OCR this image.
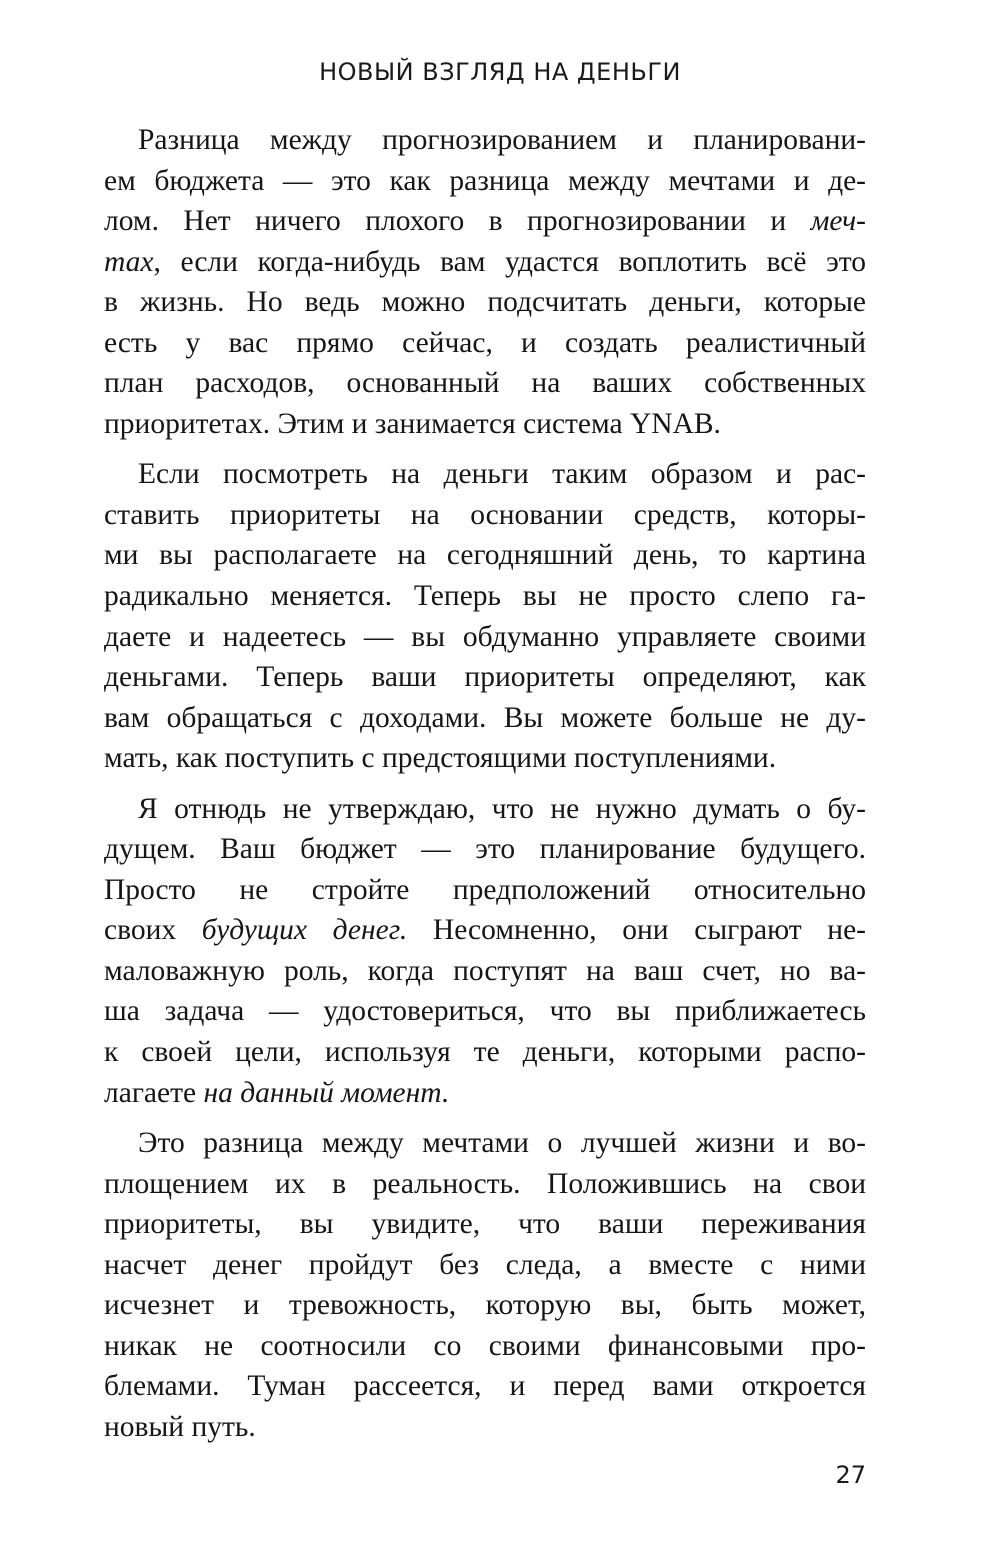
НОВЫЙ ВЗГЛЯД НА ДЕНЬГИ
Разница между прогнозированием и планировани-
ем бюджета — это как разница между мечтами и де-
лом. Нет ничего плохого в прогнозировании и меч-
тах, если когда-нибудь вам удастся воплотить всё это
в жизнь. Но ведь можно подсчитать деньги, которые
есть у вас прямо сейчас, и создать реалистичный
план расходов, основанный на ваших собственных
приоритетах. Этим и занимается система YNAB.
Если посмотреть на деньги таким образом и рас-
ставить приоритеты на основании средств, которы-
ми вы располагаете на сегодняшний день, то картина
радикально меняется. Теперь вы не просто слепо га-
даете и надеетесь — вы обдуманно управляете своими
деньгами. Теперь ваши приоритеты определяют, как
вам обращаться с доходами. Вы можете больше не ду-
мать, как поступить с предстоящими поступлениями.
Я отнюдь не утверждаю, что не нужно думать о бу-
дущем. Ваш бюджет — это планирование будущего.
Просто не стройте предположений относительно
своих будущих денег. Несомненно, они сыграют не-
маловажную роль, когда поступят на ваш счет, но ва-
ша задача — удостовериться, что вы приближаетесь
к своей цели, используя те деньги, которыми распо-
лагаете на данный момент.
Это разница между мечтами о лучшей жизни и во-
площением их в реальность. Положившись на свои
приоритеты, вы увидите, что ваши переживания
насчет денег пройдут без следа, а вместе с ними
исчезнет и тревожность, которую вы, быть может,
никак не соотносили со своими финансовыми про-
блемами. Туман рассеется, и перед вами откроется
новый путь.
27
